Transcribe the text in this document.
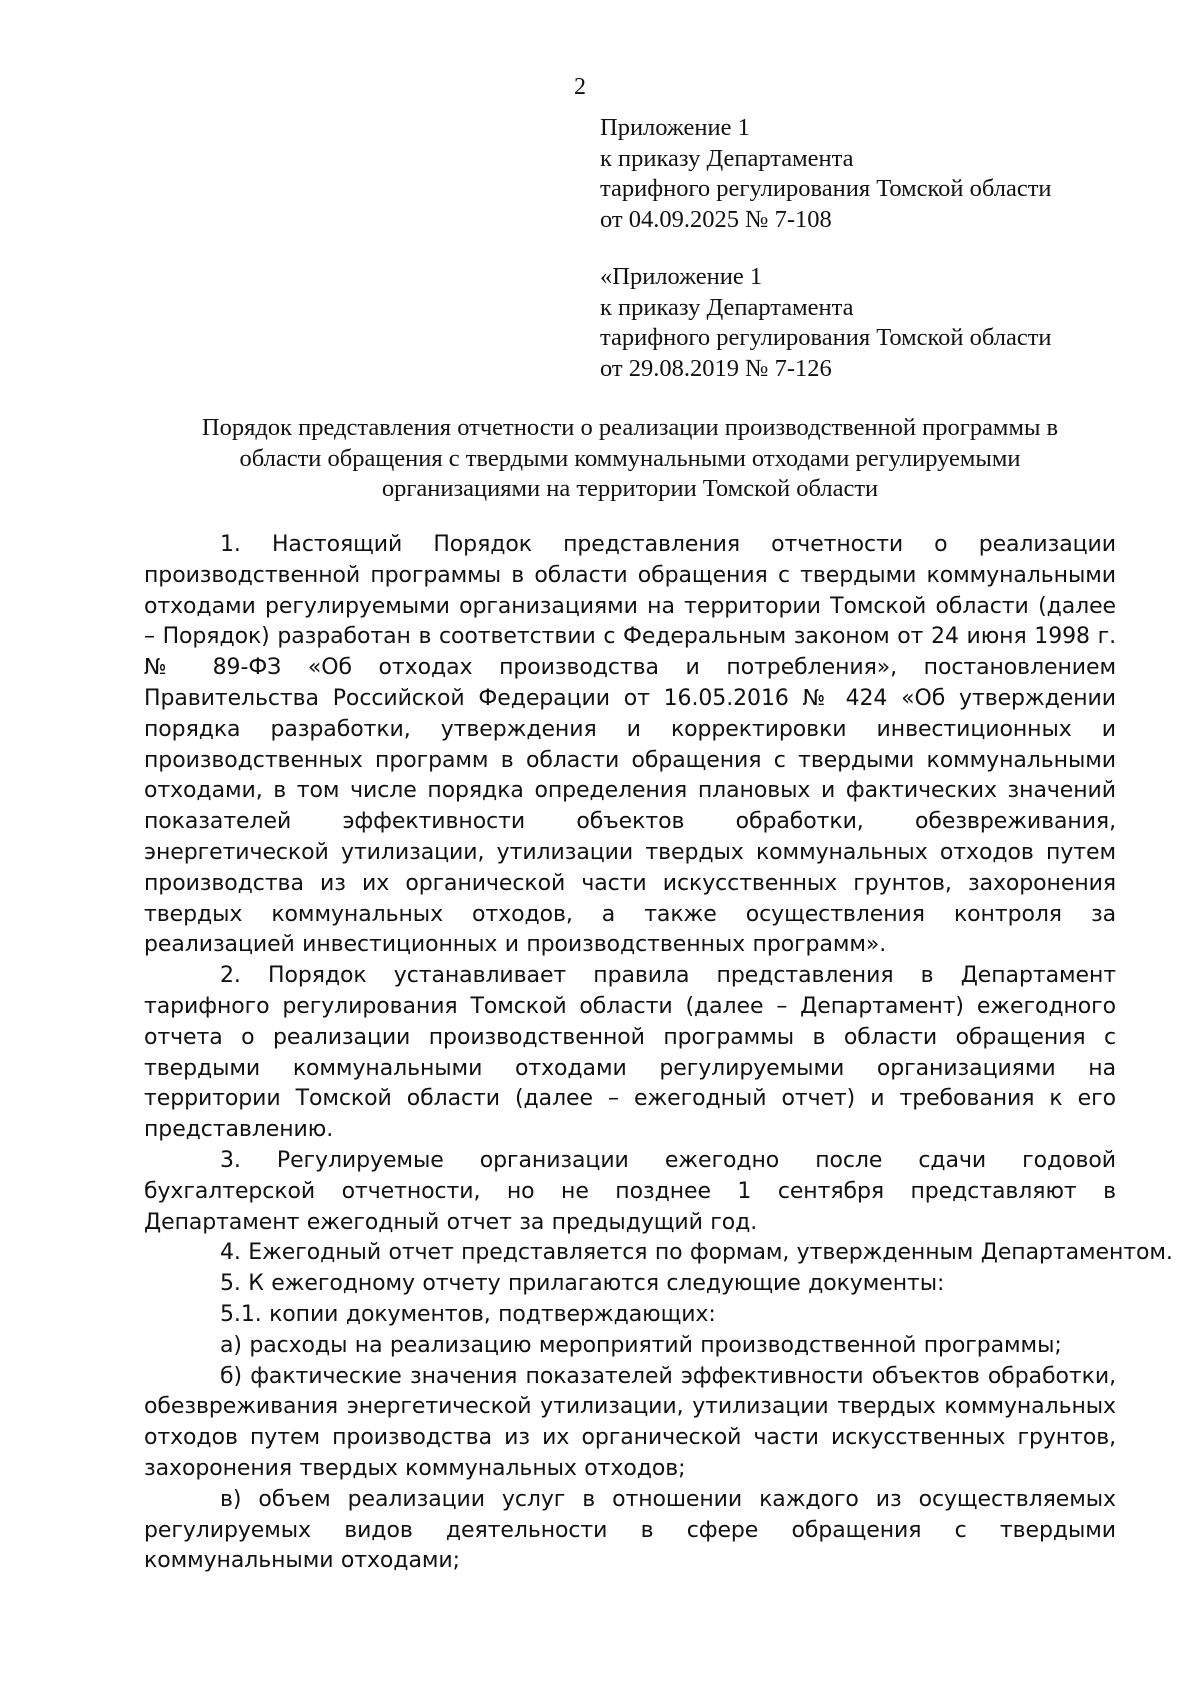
2
Приложение 1
к приказу Департамента
тарифного регулирования Томской области
от 04.09.2025 № 7-108
«Приложение 1
к приказу Департамента
тарифного регулирования Томской области
от 29.08.2019 № 7-126
Порядок представления отчетности о реализации производственной программы в
области обращения с твердыми коммунальными отходами регулируемыми
организациями на территории Томской области

1. Настоящий Порядок представления отчетности о реализации производственной программы в области обращения с твердыми коммунальными отходами регулируемыми организациями на территории Томской области (далее – Порядок) разработан в соответствии с Федеральным законом от 24 июня 1998 г. № 89-ФЗ «Об отходах производства и потребления», постановлением Правительства Российской Федерации от 16.05.2016 № 424 «Об утверждении порядка разработки, утверждения и корректировки инвестиционных и производственных программ в области обращения с твердыми коммунальными отходами, в том числе порядка определения плановых и фактических значений показателей эффективности объектов обработки, обезвреживания, энергетической утилизации, утилизации твердых коммунальных отходов путем производства из их органической части искусственных грунтов, захоронения твердых коммунальных отходов, а также осуществления контроля за реализацией инвестиционных и производственных программ».

2. Порядок устанавливает правила представления в Департамент тарифного регулирования Томской области (далее – Департамент) ежегодного отчета о реализации производственной программы в области обращения с твердыми коммунальными отходами регулируемыми организациями на территории Томской области (далее – ежегодный отчет) и требования к его представлению.

3. Регулируемые организации ежегодно после сдачи годовой бухгалтерской отчетности, но не позднее 1 сентября представляют в Департамент ежегодный отчет за предыдущий год.

4. Ежегодный отчет представляется по формам, утвержденным Департаментом.

5. К ежегодному отчету прилагаются следующие документы:

5.1. копии документов, подтверждающих:

а) расходы на реализацию мероприятий производственной программы;

б) фактические значения показателей эффективности объектов обработки, обезвреживания энергетической утилизации, утилизации твердых коммунальных отходов путем производства из их органической части искусственных грунтов, захоронения твердых коммунальных отходов;

в) объем реализации услуг в отношении каждого из осуществляемых регулируемых видов деятельности в сфере обращения с твердыми коммунальными отходами;
